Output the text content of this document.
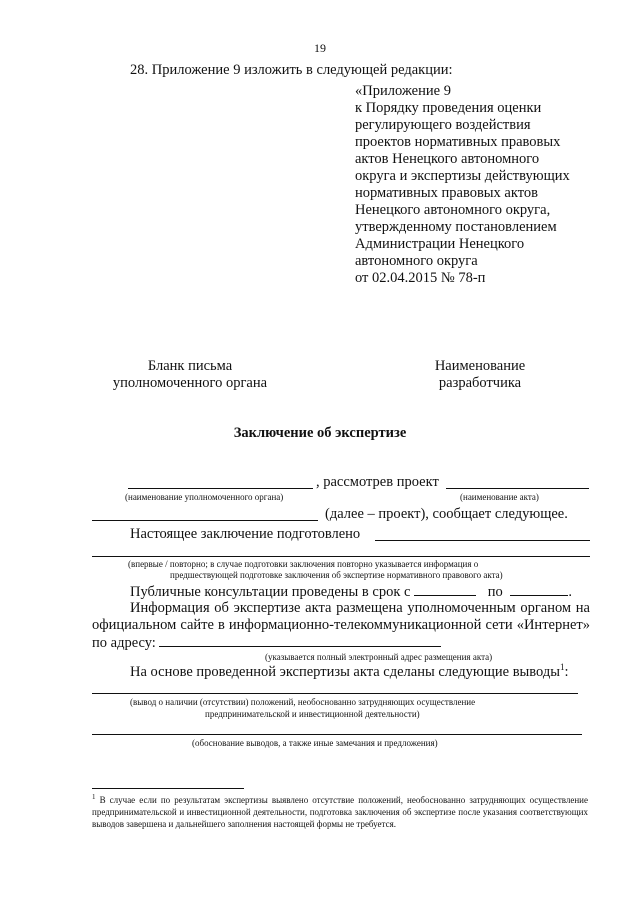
19
28. Приложение 9 изложить в следующей редакции:
«Приложение 9
к Порядку проведения оценки
регулирующего воздействия
проектов нормативных правовых
актов Ненецкого автономного
округа и экспертизы действующих
нормативных правовых актов
Ненецкого автономного округа,
утвержденному постановлением
Администрации Ненецкого
автономного округа
от 02.04.2015 № 78-п
Бланк письма
уполномоченного органа
Наименование
разработчика
Заключение об экспертизе
, рассмотрев проект
(наименование уполномоченного органа)	(наименование акта)
(далее – проект), сообщает следующее.
Настоящее заключение подготовлено
(впервые / повторно; в случае подготовки заключения повторно указывается информация о
предшествующей подготовке заключения об экспертизе нормативного правового акта)
Публичные консультации проведены в срок с	по	.
Информация об экспертизе акта размещена уполномоченным органом на официальном сайте в информационно-телекоммуникационной сети «Интернет» по адресу:
(указывается полный электронный адрес размещения акта)
На основе проведенной экспертизы акта сделаны следующие выводы$^1$:
(вывод о наличии (отсутствии) положений, необоснованно затрудняющих осуществление
предпринимательской и инвестиционной деятельности)
(обоснование выводов, а также иные замечания и предложения)
$^1$ В случае если по результатам экспертизы выявлено отсутствие положений, необоснованно затрудняющих осуществление предпринимательской и инвестиционной деятельности, подготовка заключения об экспертизе после указания соответствующих выводов завершена и дальнейшего заполнения настоящей формы не требуется.
